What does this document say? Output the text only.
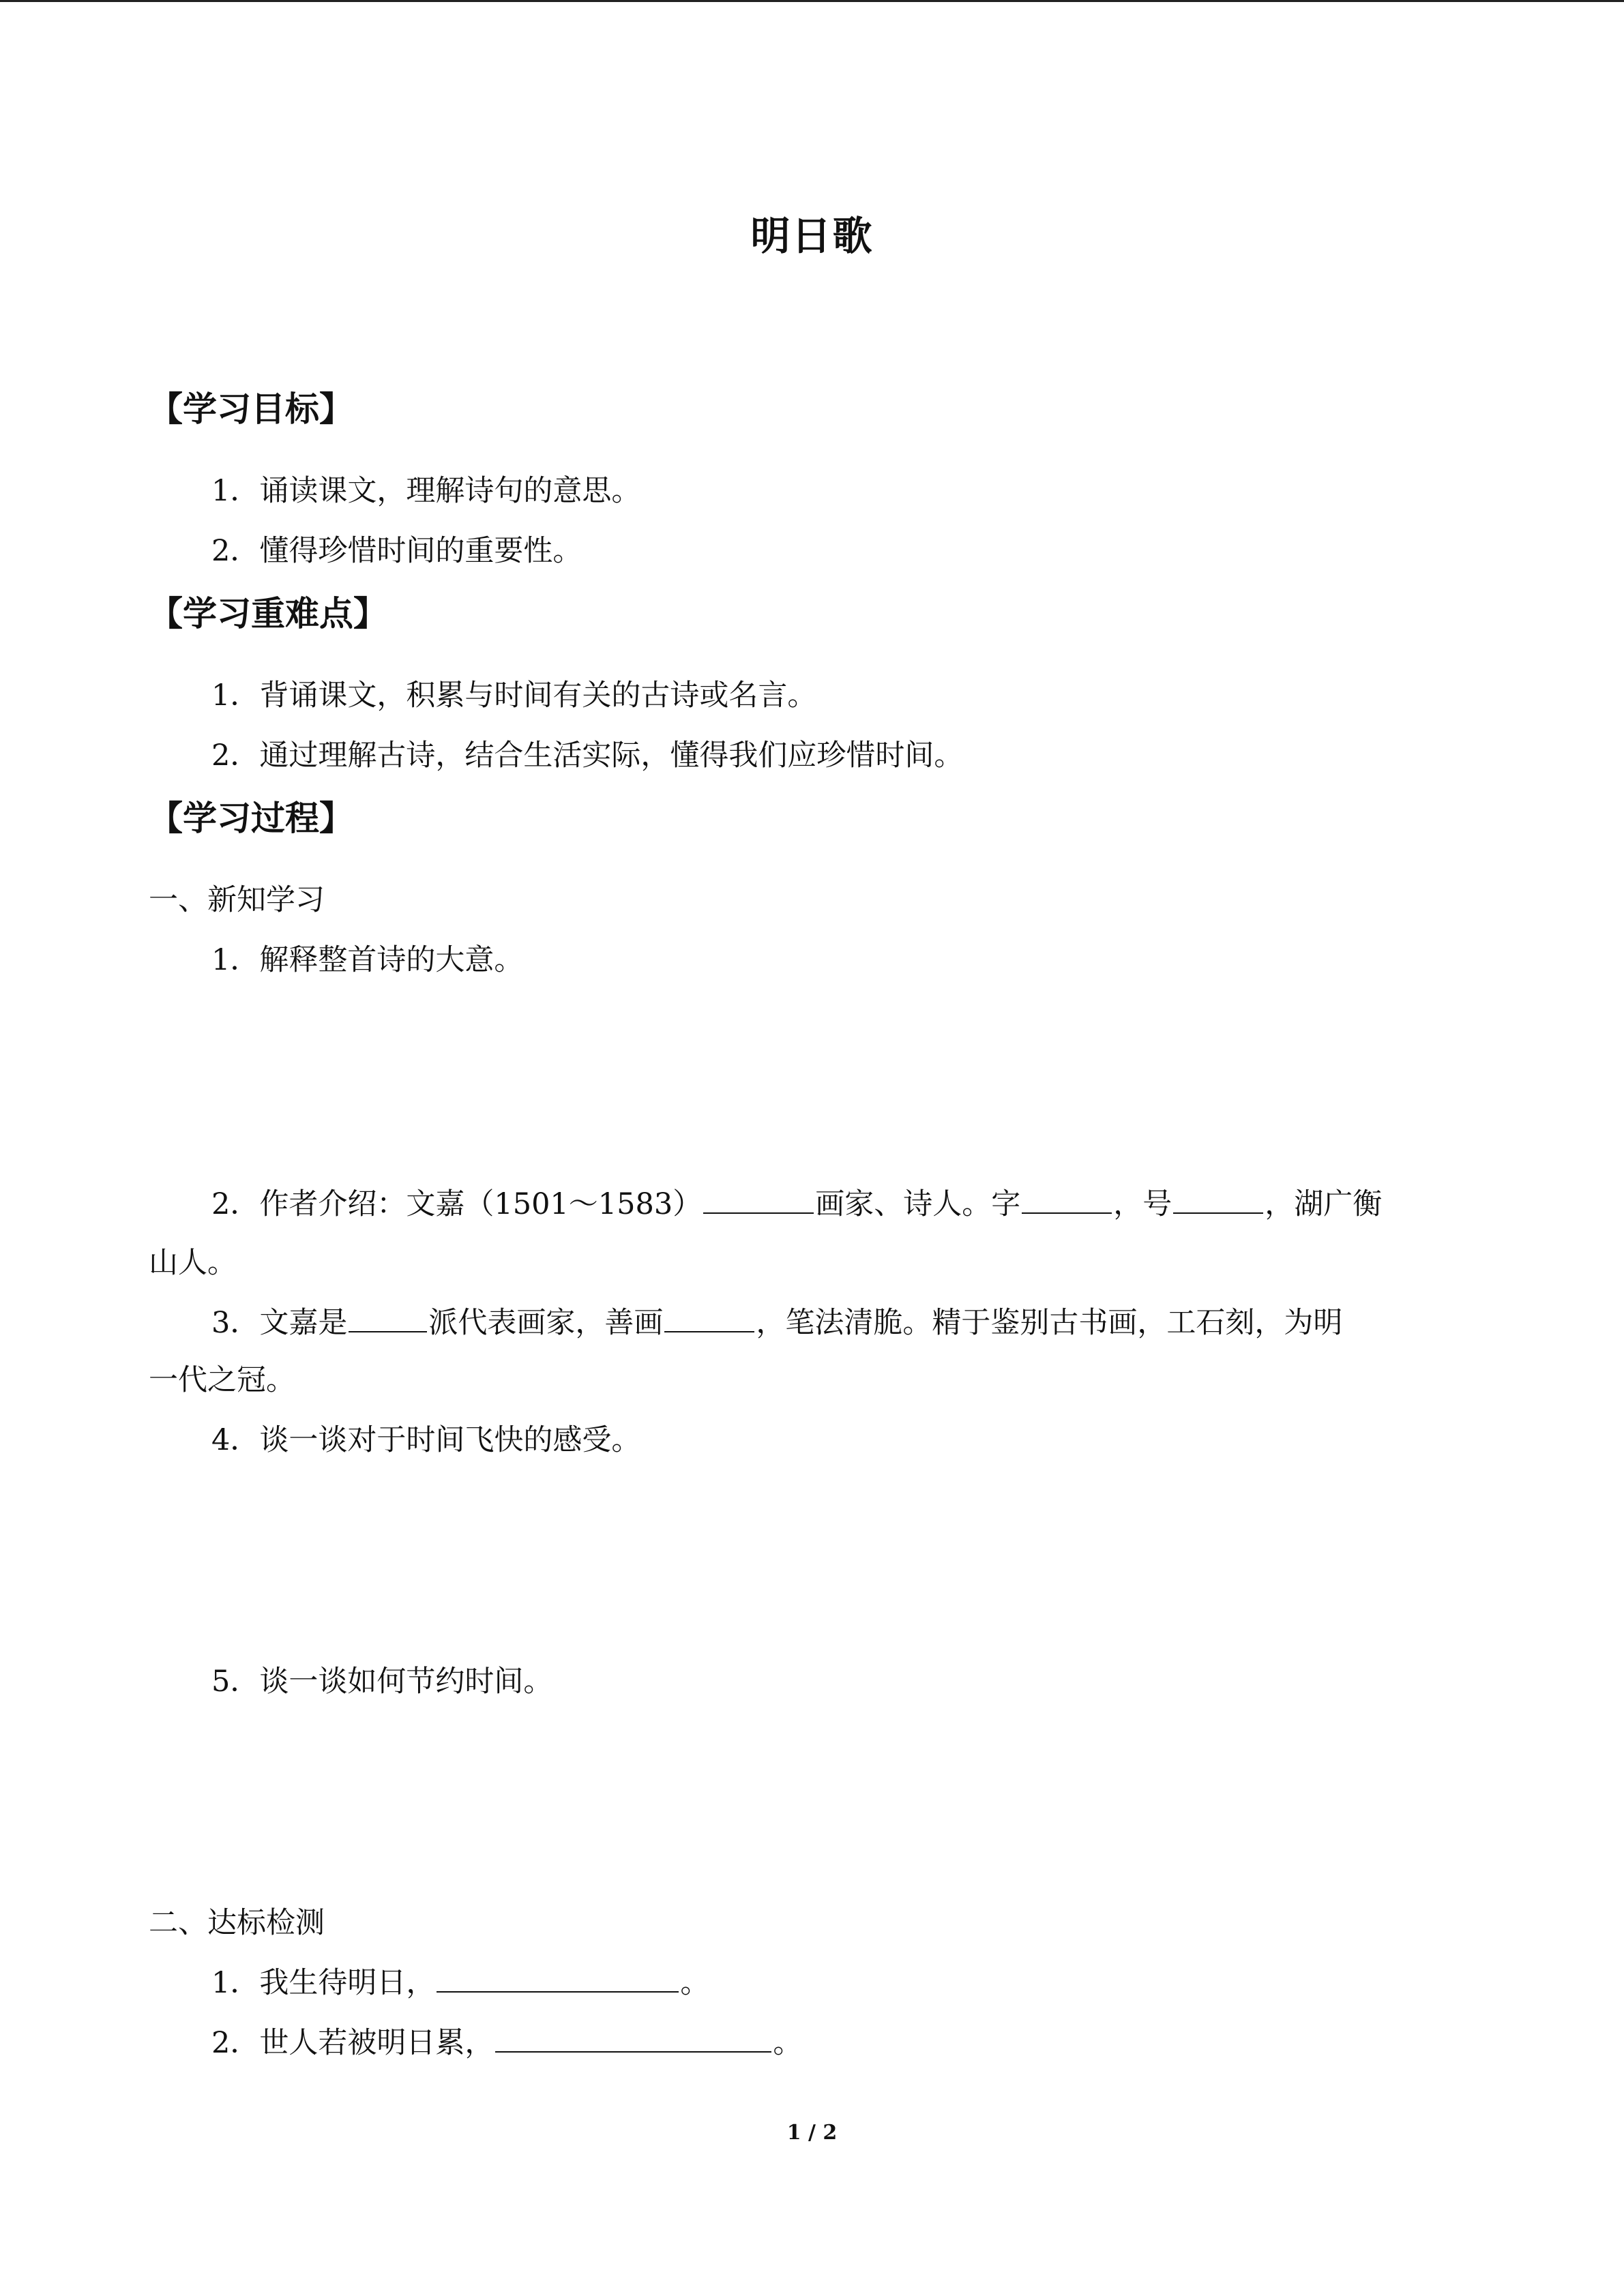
明日歌
【学习目标】
1．诵读课文，理解诗句的意思。
2．懂得珍惜时间的重要性。
【学习重难点】
1．背诵课文，积累与时间有关的古诗或名言。
2．通过理解古诗，结合生活实际，懂得我们应珍惜时间。
【学习过程】
一、新知学习
1．解释整首诗的大意。
2．作者介绍：文嘉（1501～1583）	画家、诗人。字	，号	，湖广衡
山人。
3．文嘉是	派代表画家，善画	，笔法清脆。精于鉴别古书画，工石刻，为明
一代之冠。
4．谈一谈对于时间飞快的感受。
5．谈一谈如何节约时间。
二、达标检测
1．我生待明日，	。
2．世人若被明日累，	。
1 / 2
